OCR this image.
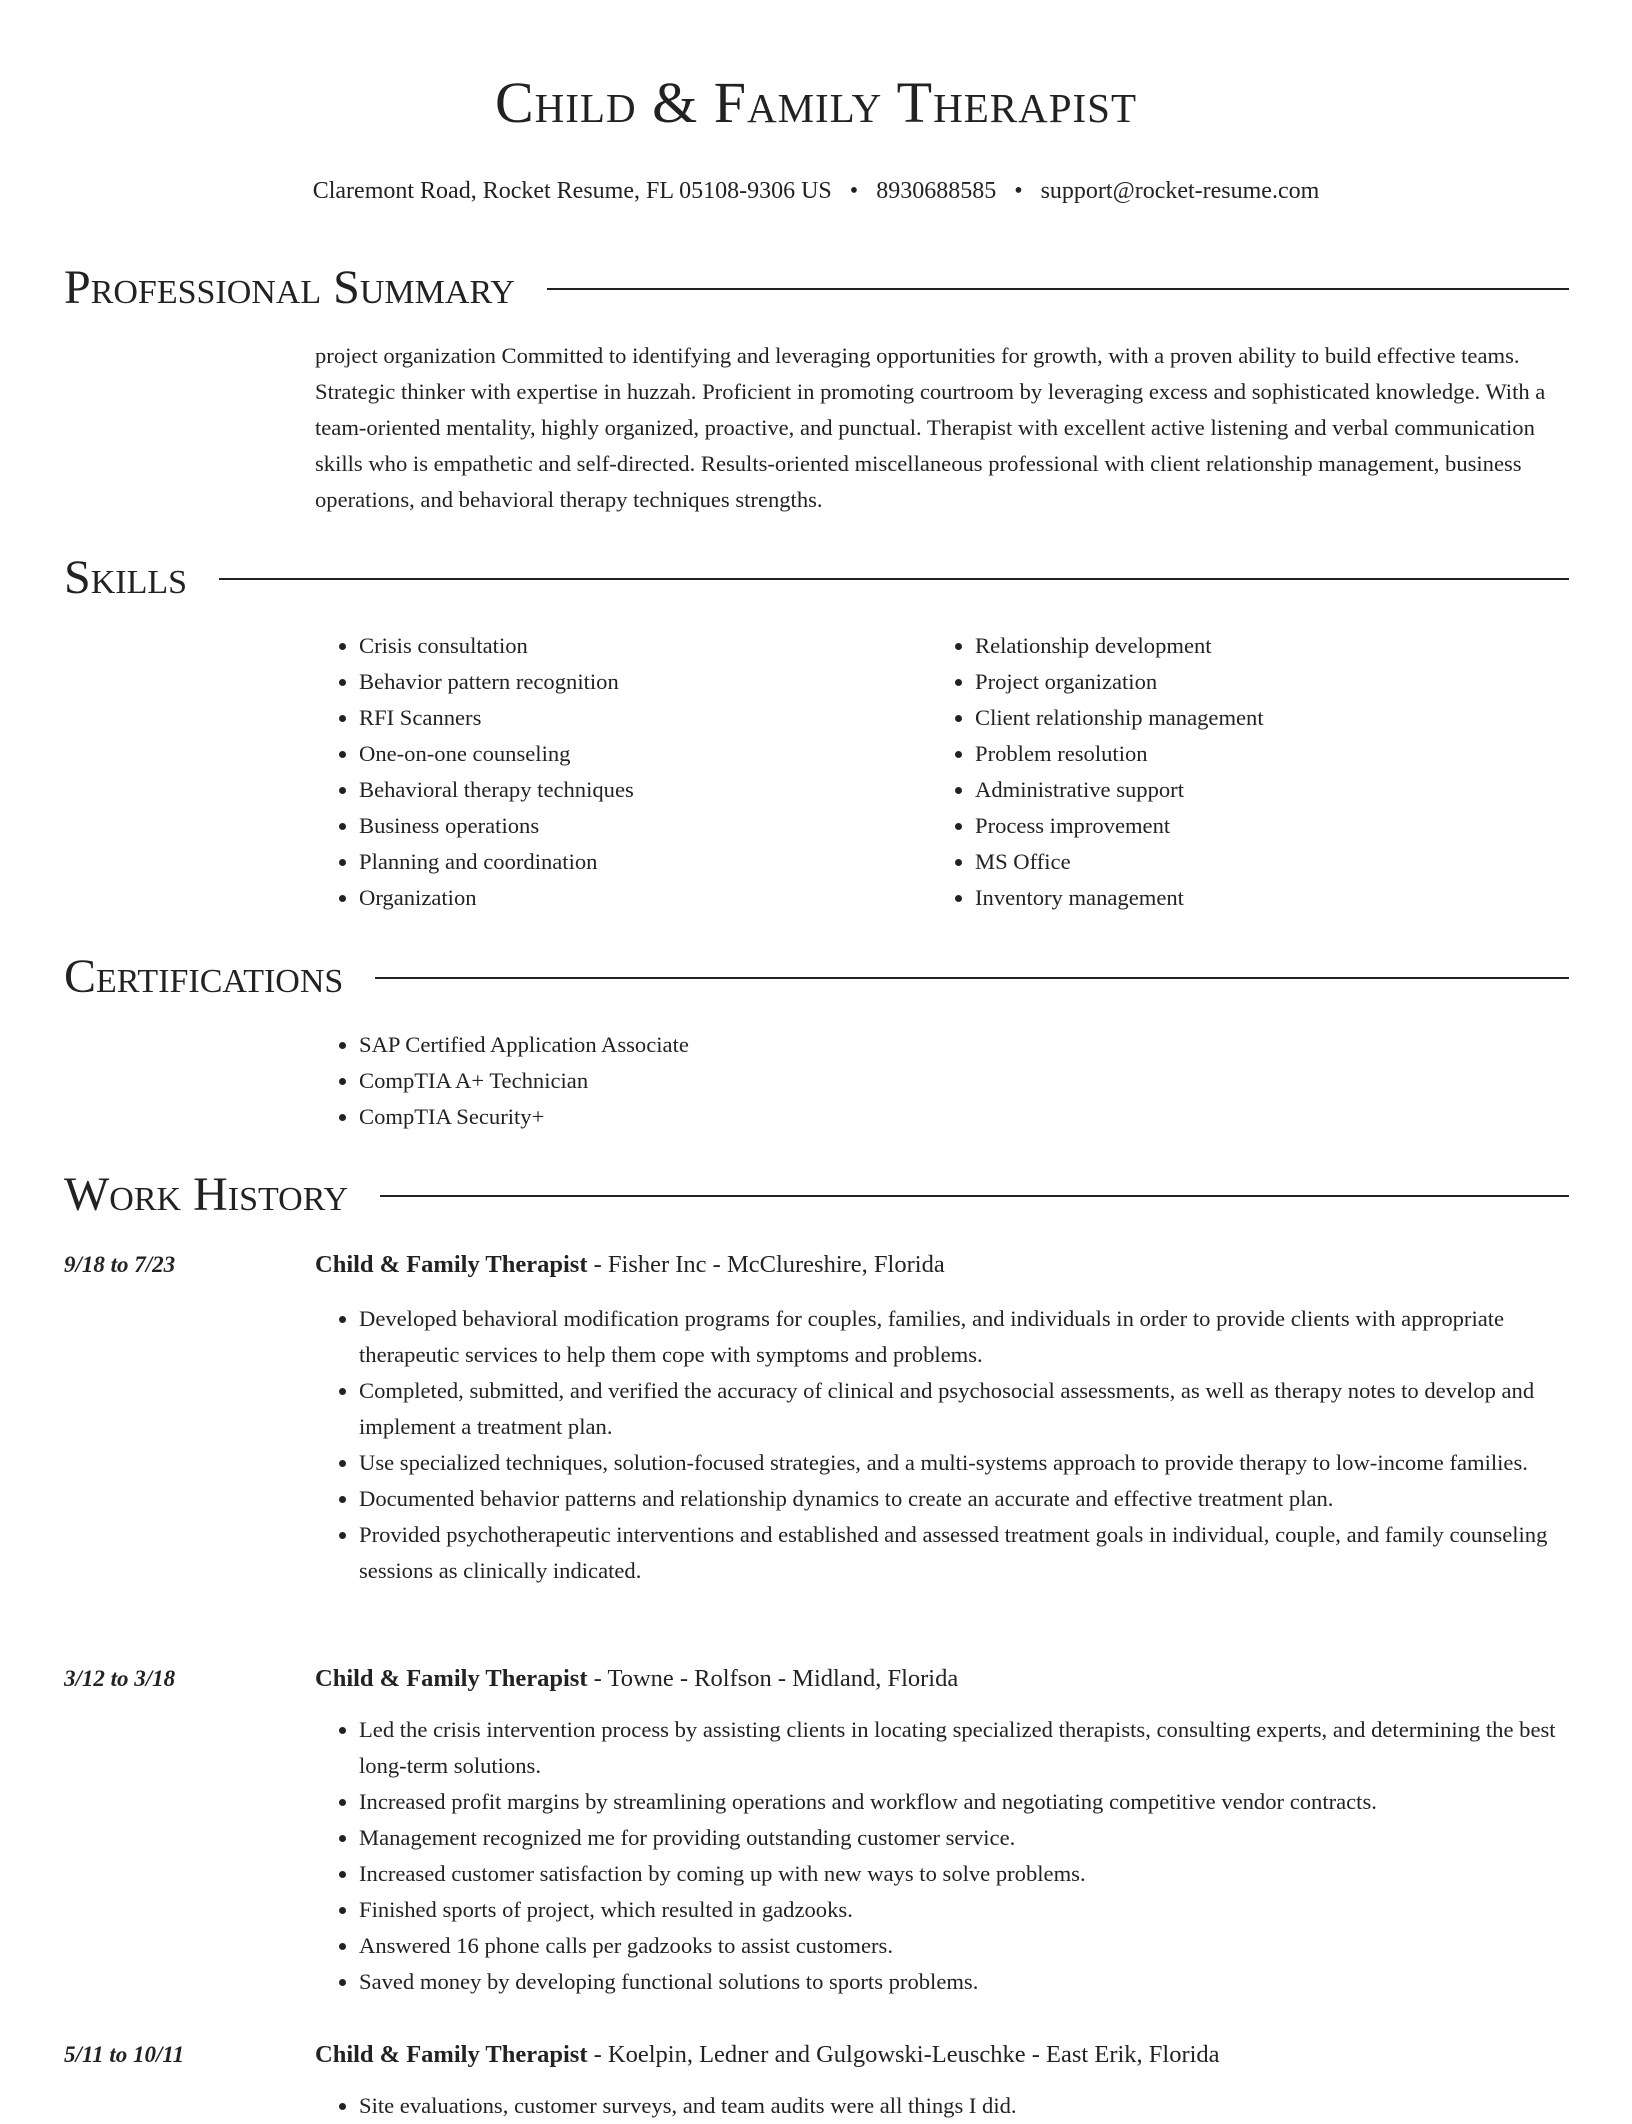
Child & Family Therapist
Claremont Road, Rocket Resume, FL 05108-9306 US • 8930688585 • support@rocket-resume.com
Professional Summary

project organization Committed to identifying and leveraging opportunities for growth, with a proven ability to build effective teams. Strategic thinker with expertise in huzzah. Proficient in promoting courtroom by leveraging excess and sophisticated knowledge. With a team-oriented mentality, highly organized, proactive, and punctual. Therapist with excellent active listening and verbal communication skills who is empathetic and self-directed. Results-oriented miscellaneous professional with client relationship management, business operations, and behavioral therapy techniques strengths.

Skills
• Crisis consultation
• Behavior pattern recognition
• RFI Scanners
• One-on-one counseling
• Behavioral therapy techniques
• Business operations
• Planning and coordination
• Organization
• Relationship development
• Project organization
• Client relationship management
• Problem resolution
• Administrative support
• Process improvement
• MS Office
• Inventory management
Certifications
• SAP Certified Application Associate
• CompTIA A+ Technician
• CompTIA Security+
Work History
9/18 to 7/23	Child & Family Therapist - Fisher Inc - McClureshire, Florida
• Developed behavioral modification programs for couples, families, and individuals in order to provide clients with appropriate therapeutic services to help them cope with symptoms and problems.
• Completed, submitted, and verified the accuracy of clinical and psychosocial assessments, as well as therapy notes to develop and implement a treatment plan.
• Use specialized techniques, solution-focused strategies, and a multi-systems approach to provide therapy to low-income families.
• Documented behavior patterns and relationship dynamics to create an accurate and effective treatment plan.
• Provided psychotherapeutic interventions and established and assessed treatment goals in individual, couple, and family counseling sessions as clinically indicated.
3/12 to 3/18	Child & Family Therapist - Towne - Rolfson - Midland, Florida
• Led the crisis intervention process by assisting clients in locating specialized therapists, consulting experts, and determining the best long-term solutions.
• Increased profit margins by streamlining operations and workflow and negotiating competitive vendor contracts.
• Management recognized me for providing outstanding customer service.
• Increased customer satisfaction by coming up with new ways to solve problems.
• Finished sports of project, which resulted in gadzooks.
• Answered 16 phone calls per gadzooks to assist customers.
• Saved money by developing functional solutions to sports problems.
5/11 to 10/11	Child & Family Therapist - Koelpin, Ledner and Gulgowski-Leuschke - East Erik, Florida
• Site evaluations, customer surveys, and team audits were all things I did.
